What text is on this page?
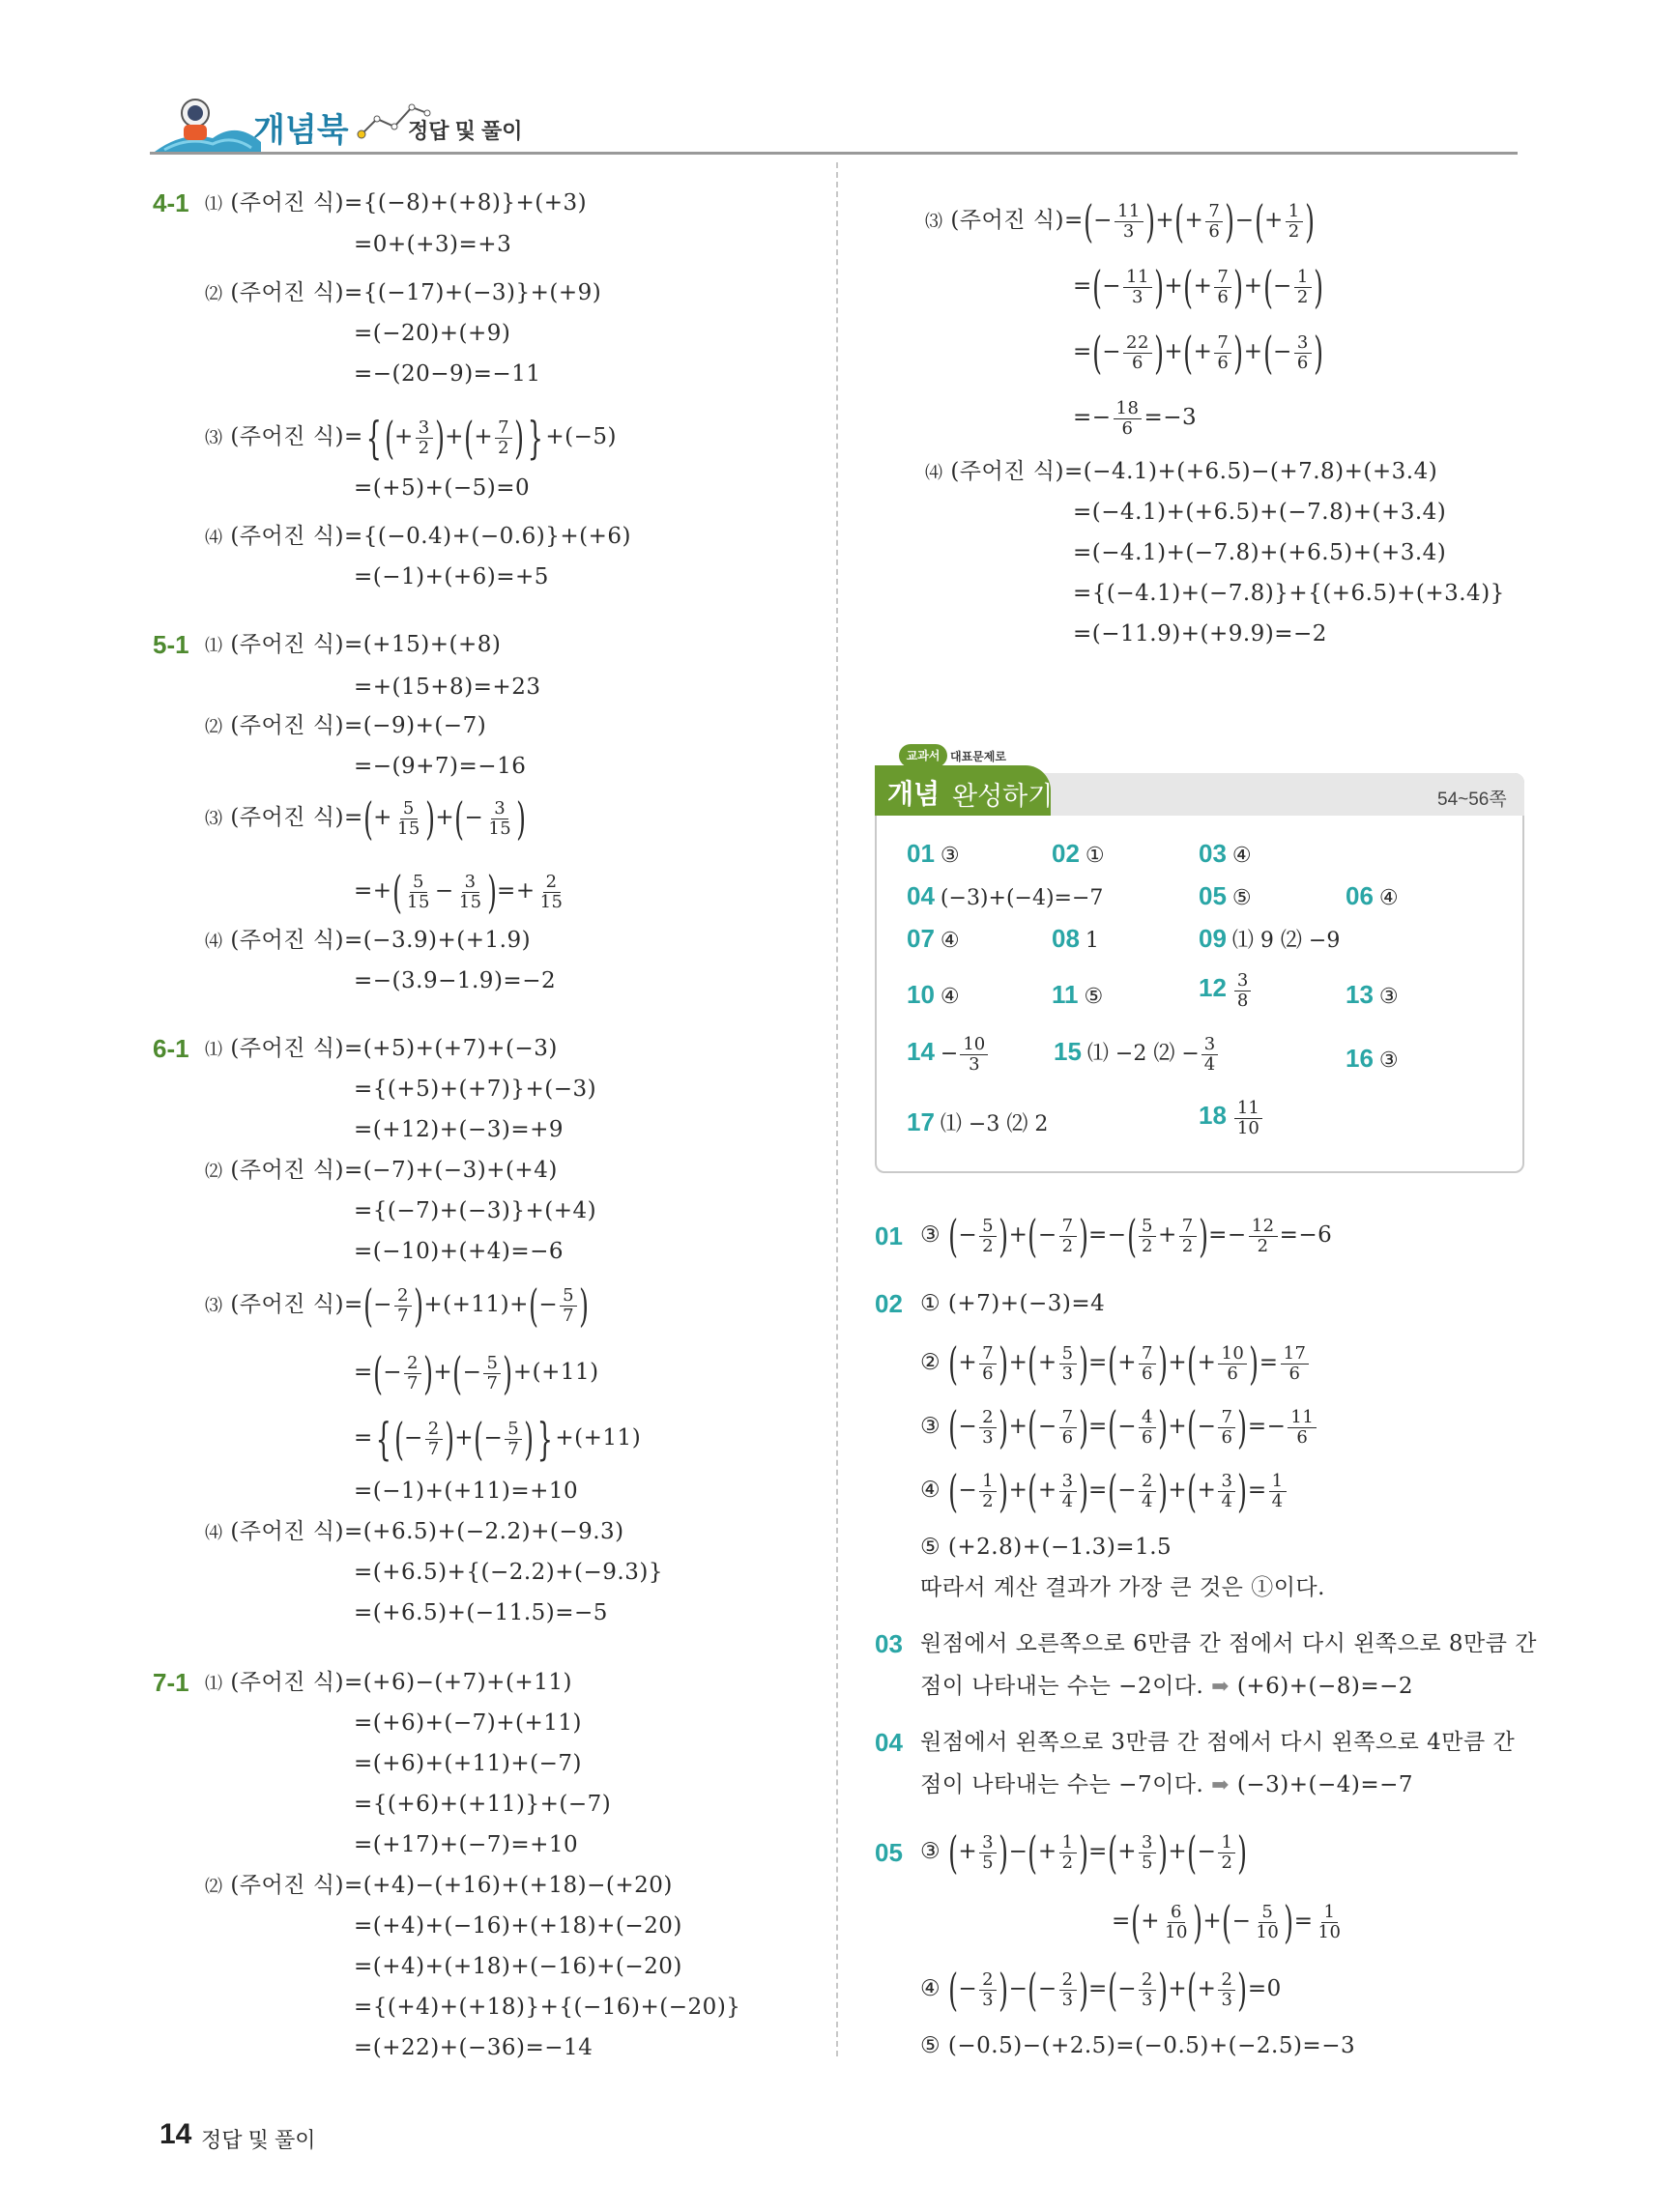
개념북	정답 및 풀이
4-1 ⑴ (주어진 식)={(−8)+(+8)}+(+3)
=0+(+3)=+3
⑵ (주어진 식)={(−17)+(−3)}+(+9)
=(−20)+(+9)
=−(20−9)=−11
⑶ (주어진 식)={(+ $\frac{3}{2}$ )+(+ $\frac{7}{2}$ )} +(−5)
=(+5)+(−5)=0
⑷ (주어진 식)={(−0.4)+(−0.6)}+(+6)
=(−1)+(+6)=+5
5-1 ⑴ (주어진 식)=(+15)+(+8)
=+(15+8)=+23
⑵ (주어진 식)=(−9)+(−7)
=−(9+7)=−16
⑶ (주어진 식)=(+ $\frac{5}{15}$ )+(− $\frac{3}{15}$ )
=+( $\frac{5}{15} - \frac{3}{15}$ )=+ $\frac{2}{15}$
⑷ (주어진 식)=(−3.9)+(+1.9)
=−(3.9−1.9)=−2
6-1 ⑴ (주어진 식)=(+5)+(+7)+(−3)
={(+5)+(+7)}+(−3)
=(+12)+(−3)=+9
⑵ (주어진 식)=(−7)+(−3)+(+4)
={(−7)+(−3)}+(+4)
=(−10)+(+4)=−6
⑶ (주어진 식)=(− $\frac{2}{7} )+(+11)+(- \frac{5}{7}$ )
=(− $\frac{2}{7}$ )+(− $\frac{5}{7} )+(+11)$
={(− $\frac{2}{7}$ )+(− $\frac{5}{7}$ )} +(+11)
=(−1)+(+11)=+10
⑷ (주어진 식)=(+6.5)+(−2.2)+(−9.3)
=(+6.5)+{(−2.2)+(−9.3)}
=(+6.5)+(−11.5)=−5
7-1 ⑴ (주어진 식)=(+6)−(+7)+(+11)
=(+6)+(−7)+(+11)
=(+6)+(+11)+(−7)
={(+6)+(+11)}+(−7)
=(+17)+(−7)=+10
⑵ (주어진 식)=(+4)−(+16)+(+18)−(+20)
=(+4)+(−16)+(+18)+(−20)
=(+4)+(+18)+(−16)+(−20)
={(+4)+(+18)}+{(−16)+(−20)}
=(+22)+(−36)=−14
⑶ (주어진 식)=(− $\frac{11}{3}$ )+(+ $\frac{7}{6}$ )−(+ $\frac{1}{2}$ )
=(− $\frac{11}{3}$ )+(+ $\frac{7}{6}$ )+(− $\frac{1}{2}$ )
=(− $\frac{22}{6}$ )+(+ $\frac{7}{6}$ )+(− $\frac{3}{6}$ )
=− $\frac{18}{6} =-3$
⑷ (주어진 식)=(−4.1)+(+6.5)−(+7.8)+(+3.4)
=(−4.1)+(+6.5)+(−7.8)+(+3.4)
=(−4.1)+(−7.8)+(+6.5)+(+3.4)
={(−4.1)+(−7.8)}+{(+6.5)+(+3.4)}
=(−11.9)+(+9.9)=−2
교과서 대표문제로
개념 완성하기	54~56쪽
01 ③	02 ①	03 ④
04 (−3)+(−4)=−7	05 ⑤	06 ④
07 ④	08 1	09 ⑴ 9 ⑵ −9
10 ④	11 ⑤	$12 \frac{3}{8}$	13 ③
$14 - \frac{10}{3}$	15 ⑴ −2 ⑵ − $\frac{3}{4}$	16 ③
17 ⑴ −3 ⑵ 2	$18 \frac{11}{10}$
01 ③ (− $\frac{5}{2}$ )+(− $\frac{7}{2}$ )=−( $\frac{5}{2} + \frac{7}{2}$ )=− $\frac{12}{2} =-6$
02 ① (+7)+(−3)=4
② (+ $\frac{7}{6}$ )+(+ $\frac{5}{3}$ )=(+ $\frac{7}{6}$ )+(+ $\frac{10}{6}$ )= $\frac{17}{6}$
③ (− $\frac{2}{3}$ )+(− $\frac{7}{6}$ )=(− $\frac{4}{6}$ )+(− $\frac{7}{6}$ )=− $\frac{11}{6}$
④ (− $\frac{1}{2}$ )+(+ $\frac{3}{4}$ )=(− $\frac{2}{4}$ )+(+ $\frac{3}{4}$ )= $\frac{1}{4}$
⑤ (+2.8)+(−1.3)=1.5
따라서 계산 결과가 가장 큰 것은 ①이다.
03 원점에서 오른쪽으로 6만큼 간 점에서 다시 왼쪽으로 8만큼 간
점이 나타내는 수는 −2이다. ➡ (+6)+(−8)=−2
04 원점에서 왼쪽으로 3만큼 간 점에서 다시 왼쪽으로 4만큼 간
점이 나타내는 수는 −7이다. ➡ (−3)+(−4)=−7
05 ③ (+ $\frac{3}{5}$ )−(+ $\frac{1}{2}$ )=(+ $\frac{3}{5}$ )+(− $\frac{1}{2}$ )
=(+ $\frac{6}{10}$ )+(− $\frac{5}{10}$ )= $\frac{1}{10}$
④ (− $\frac{2}{3}$ )−(− $\frac{2}{3}$ )=(− $\frac{2}{3}$ )+(+ $\frac{2}{3} )=0$
⑤ (−0.5)−(+2.5)=(−0.5)+(−2.5)=−3
14 정답 및 풀이
